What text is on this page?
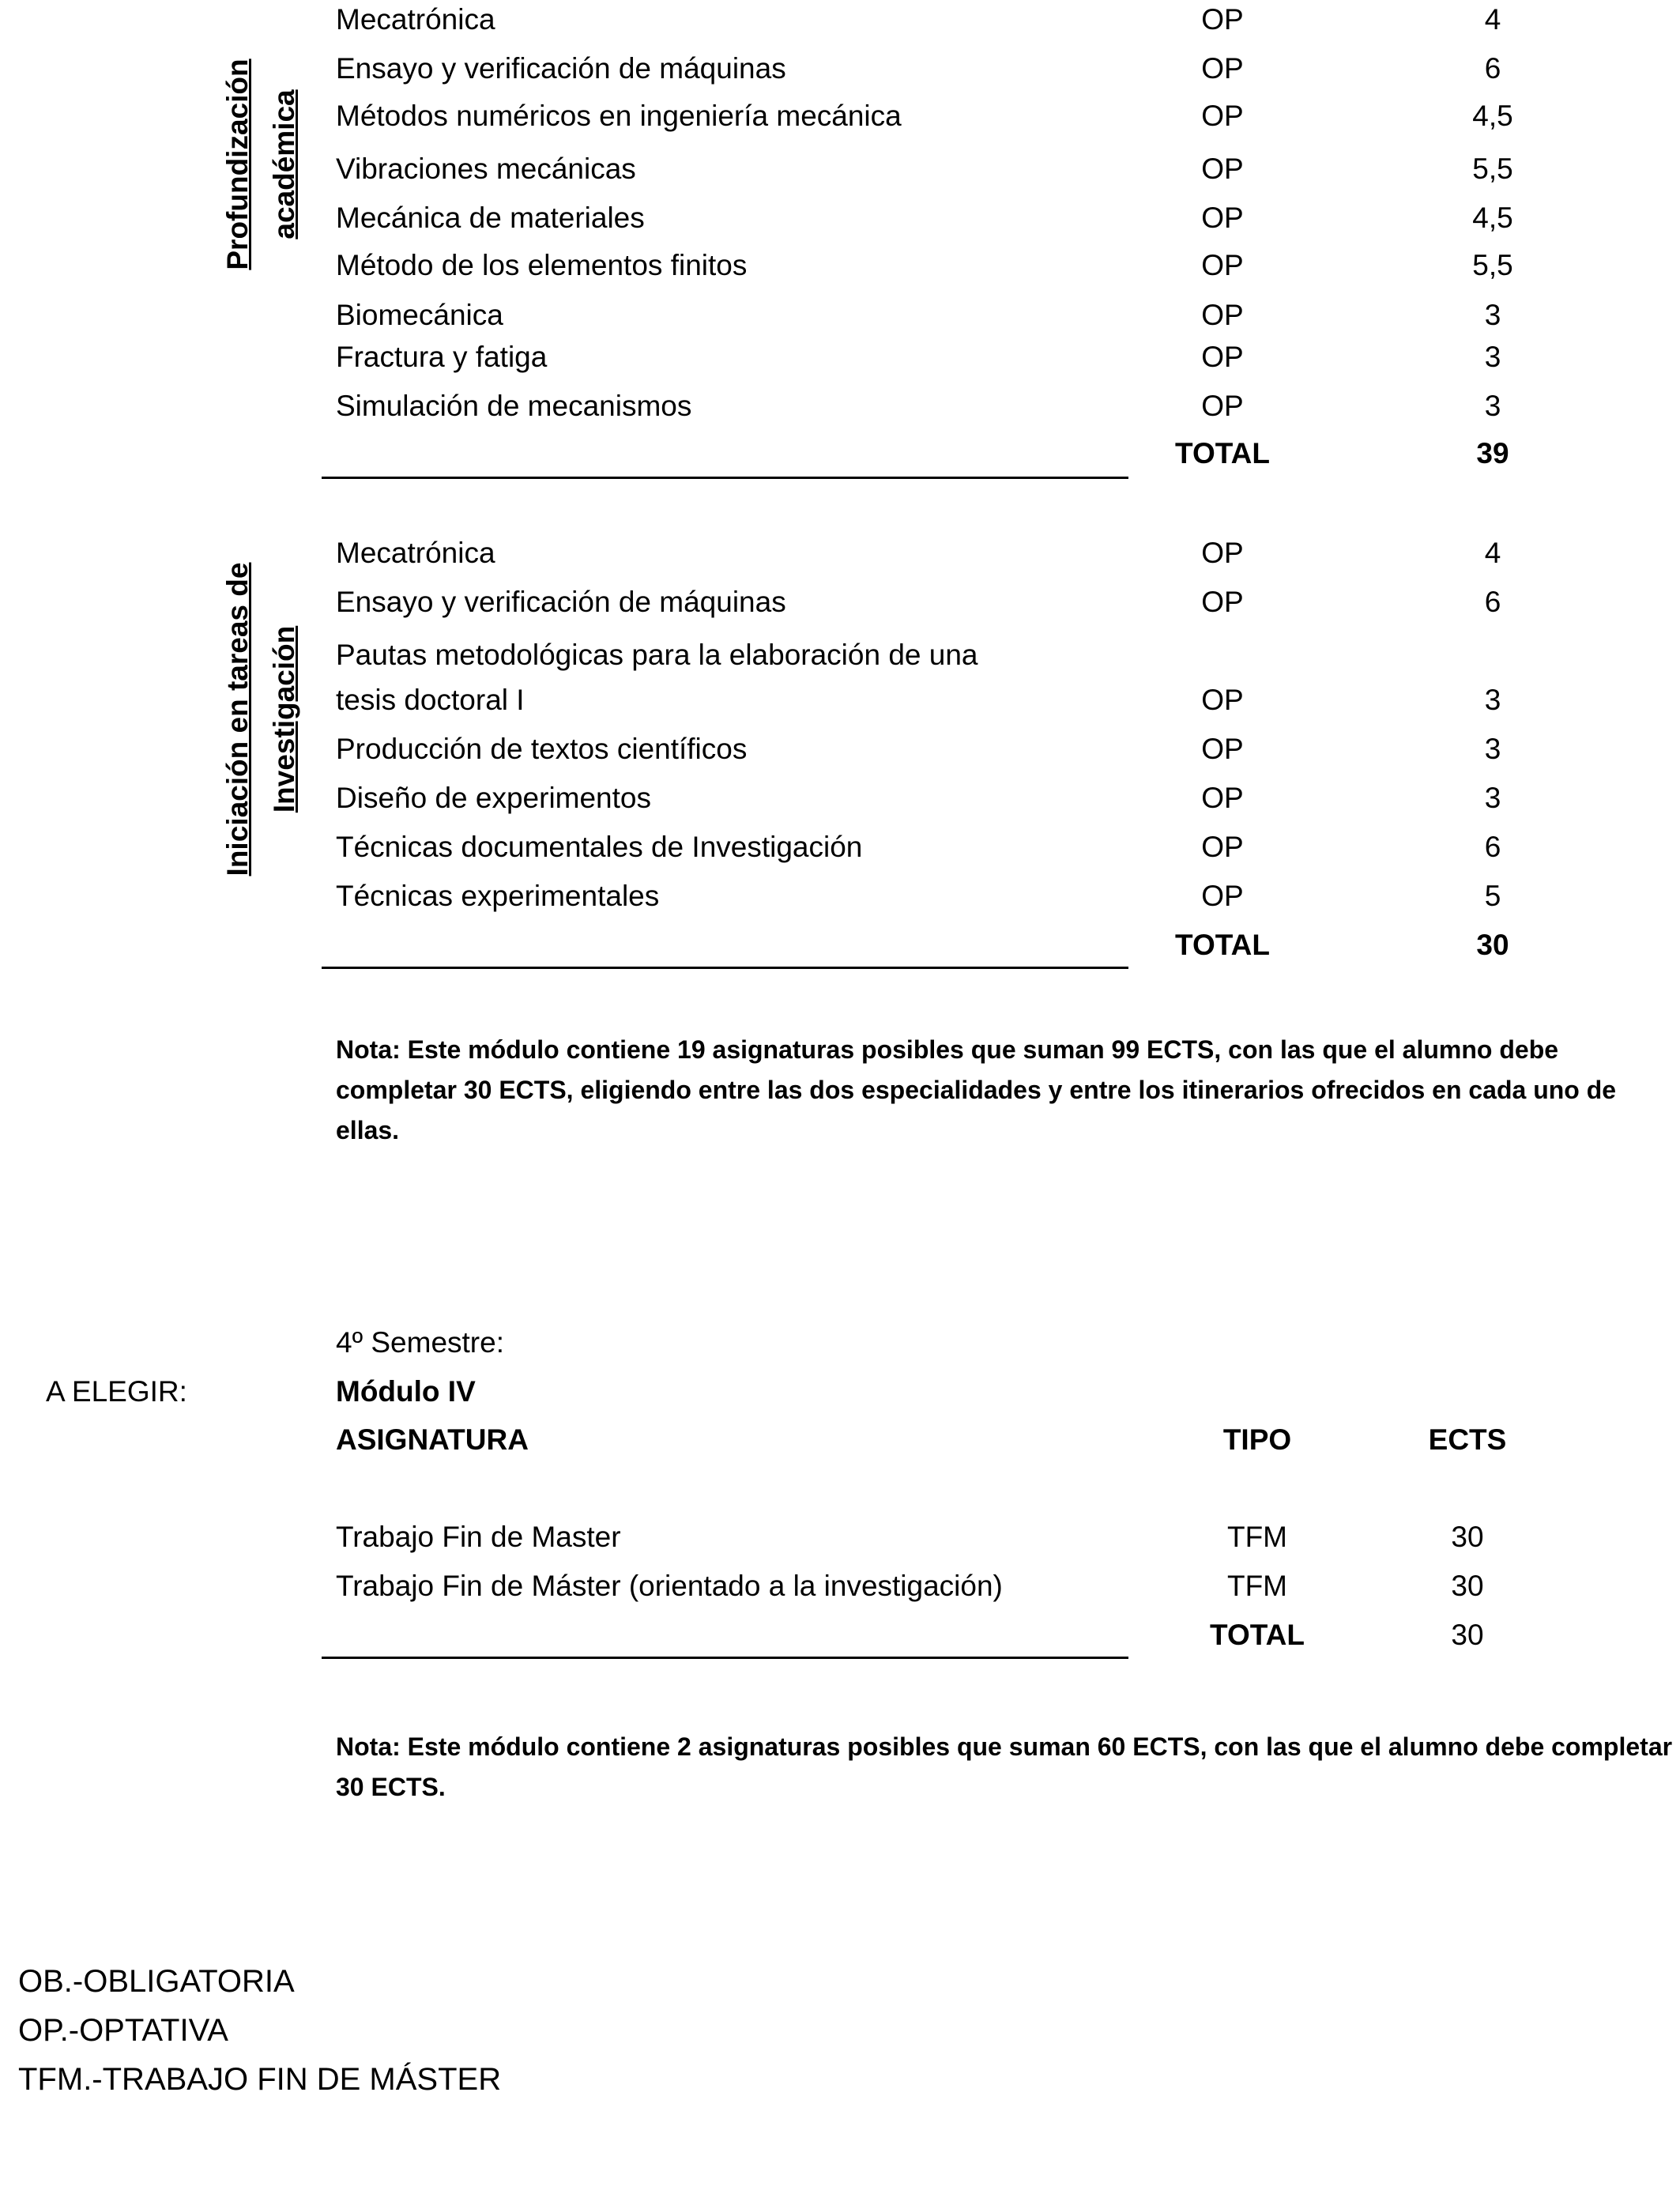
Profundización académica
Mecatrónica	OP	4
Ensayo y verificación de máquinas	OP	6
Métodos numéricos en ingeniería mecánica	OP	4,5
Vibraciones mecánicas	OP	5,5
Mecánica de materiales	OP	4,5
Método de los elementos finitos	OP	5,5
Biomecánica	OP	3
Fractura y fatiga	OP	3
Simulación de mecanismos	OP	3
TOTAL	39
Iniciación en tareas de Investigación
Mecatrónica	OP	4
Ensayo y verificación de máquinas	OP	6
Pautas metodológicas para la elaboración de una
tesis doctoral I	OP	3
Producción de textos científicos	OP	3
Diseño de experimentos	OP	3
Técnicas documentales de Investigación	OP	6
Técnicas experimentales	OP	5
TOTAL	30
Nota: Este módulo contiene 19 asignaturas posibles que suman 99 ECTS, con las que el alumno debe completar 30 ECTS, eligiendo entre las dos especialidades y entre los itinerarios ofrecidos en cada uno de ellas.
A ELEGIR:
4º Semestre:
Módulo IV
ASIGNATURA	TIPO	ECTS
Trabajo Fin de Master	TFM	30
Trabajo Fin de Máster (orientado a la investigación)	TFM	30
TOTAL	30
Nota: Este módulo contiene 2 asignaturas posibles que suman 60 ECTS, con las que el alumno debe completar 30 ECTS.
OB.-OBLIGATORIA
OP.-OPTATIVA
TFM.-TRABAJO FIN DE MÁSTER
